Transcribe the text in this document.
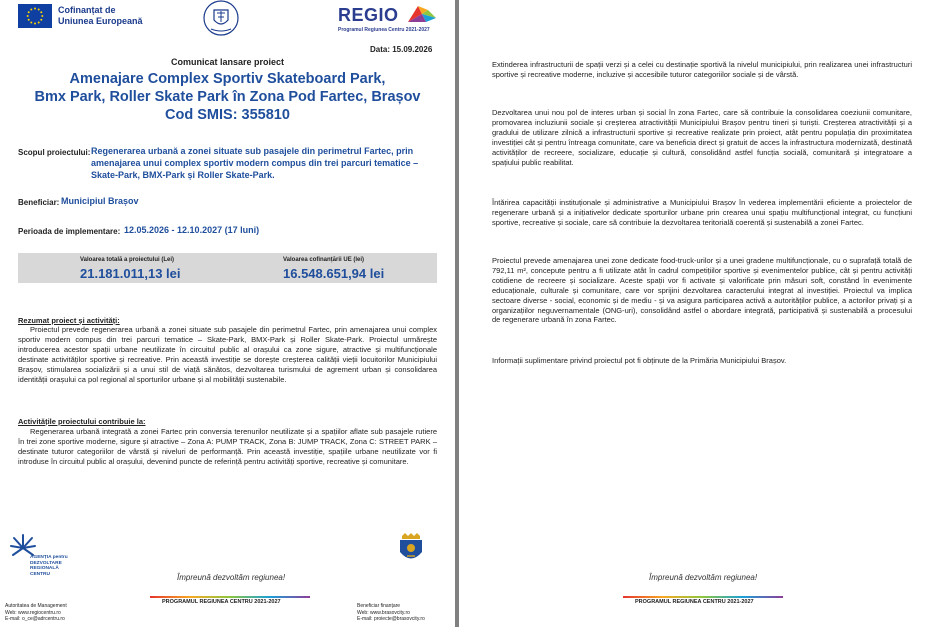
Cofinanțat de
Uniunea Europeană	REGIO
Programul Regiunea Centru 2021-2027
Data: 15.09.2026
Comunicat lansare proiect
Amenajare Complex Sportiv Skateboard Park,
Bmx Park, Roller Skate Park în Zona Pod Fartec, Brașov
Cod SMIS: 355810
Scopul proiectului: Regenerarea urbană a zonei situate sub pasajele din perimetrul Fartec, prin amenajarea unui complex sportiv modern compus din trei parcuri tematice – Skate-Park, BMX-Park și Roller Skate-Park.
Beneficiar: Municipiul Brașov
Perioada de implementare: 12.05.2026 - 12.10.2027 (17 luni)
Valoarea totală a proiectului (Lei)	Valoarea cofinanțării UE (lei)
21.181.011,13 lei	16.548.651,94 lei
Rezumat proiect și activități:
Proiectul prevede regenerarea urbană a zonei situate sub pasajele din perimetrul Fartec, prin amenajarea unui complex sportiv modern compus din trei parcuri tematice – Skate-Park, BMX-Park și Roller Skate-Park. Proiectul urmărește introducerea acestor spații urbane neutilizate în circuitul public al orașului ca zone sigure, atractive și multifuncționale destinate activităților sportive și recreative. Prin această investiție se dorește creșterea calității vieții locuitorilor Municipiului Brașov, stimularea socializării și a unui stil de viață sănătos, dezvoltarea turismului de agrement urban și consolidarea identității orașului ca pol regional al sporturilor urbane și al mobilității sustenabile.
Activitățile proiectului contribuie la:
Regenerarea urbană integrată a zonei Fartec prin conversia terenurilor neutilizate și a spațiilor aflate sub pasajele rutiere în trei zone sportive moderne, sigure și atractive – Zona A: PUMP TRACK, Zona B: JUMP TRACK, Zona C: STREET PARK – destinate tuturor categoriilor de vârstă și niveluri de performanță. Prin această investiție, spațiile urbane neutilizate vor fi introduse în circuitul public al orașului, devenind puncte de referință pentru activități sportive, recreative și comunitare.
AGENȚIA pentru
DEZVOLTARE
REGIONALĂ
CENTRU	Împreună dezvoltăm regiunea!
PROGRAMUL REGIUNEA CENTRU 2021-2027
Autoritatea de Management
Web: www.regiocentru.ro
E-mail: o_ce@adrcentru.ro
Beneficiar finanțare
Web: www.brasovcity.ro
E-mail: proiecte@brasovcity.ro
Extinderea infrastructurii de spații verzi și a celei cu destinație sportivă la nivelul municipiului, prin realizarea unei infrastructuri sportive și recreative moderne, incluzive și accesibile tuturor categoriilor sociale și de vârstă.
Dezvoltarea unui nou pol de interes urban și social în zona Fartec, care să contribuie la consolidarea coeziunii comunitare, promovarea incluziunii sociale și creșterea atractivității Municipiului Brașov pentru tineri și turiști. Creșterea atractivității și a gradului de utilizare zilnică a infrastructurii sportive și recreative realizate prin proiect, atât pentru populația din proximitatea investiției cât și pentru întreaga comunitate, care va beneficia direct și gratuit de acces la infrastructura modernizată, destinată activităților de recreere, socializare, educație și cultură, consolidând astfel funcția socială, comunitară și integratoare a spațiului public reabilitat.
Întărirea capacității instituționale și administrative a Municipiului Brașov în vederea implementării eficiente a proiectelor de regenerare urbană și a inițiativelor dedicate sporturilor urbane prin crearea unui spațiu multifuncțional integrat, cu funcțiuni sportive, recreative și sociale, care să contribuie la dezvoltarea teritorială coerentă și sustenabilă a zonei Fartec.
Proiectul prevede amenajarea unei zone dedicate food-truck-urilor și a unei gradene multifuncționale, cu o suprafață totală de 792,11 m², concepute pentru a fi utilizate atât în cadrul competițiilor sportive și evenimentelor publice, cât și pentru activități cotidiene de recreere și socializare. Aceste spații vor fi activate și valorificate prin măsuri soft, constând în evenimente educaționale, culturale și comunitare, care vor sprijini dezvoltarea caracterului integrat al investiției. Proiectul va implica sectoare diverse - social, economic și de mediu - și va asigura participarea activă a autorităților publice, a actorilor privați și a organizațiilor neguvernamentale (ONG-uri), consolidând astfel o abordare integrată, participativă și sustenabilă a procesului de regenerare urbană în zona Fartec.
Informații suplimentare privind proiectul pot fi obținute de la Primăria Municipiului Brașov.
Împreună dezvoltăm regiunea!
PROGRAMUL REGIUNEA CENTRU 2021-2027
